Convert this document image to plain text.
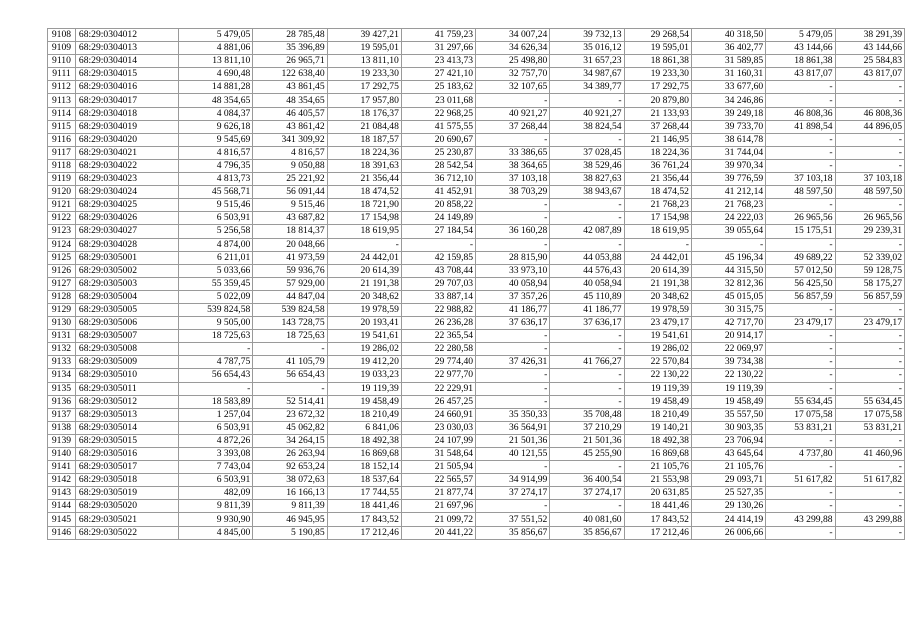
9108	68:29:0304012	5 479,05	28 785,48	39 427,21	41 759,23	34 007,24	39 732,13	29 268,54	40 318,50	5 479,05	38 291,39
9109	68:29:0304013	4 881,06	35 396,89	19 595,01	31 297,66	34 626,34	35 016,12	19 595,01	36 402,77	43 144,66	43 144,66
9110	68:29:0304014	13 811,10	26 965,71	13 811,10	23 413,73	25 498,80	31 657,23	18 861,38	31 589,85	18 861,38	25 584,83
9111	68:29:0304015	4 690,48	122 638,40	19 233,30	27 421,10	32 757,70	34 987,67	19 233,30	31 160,31	43 817,07	43 817,07
9112	68:29:0304016	14 881,28	43 861,45	17 292,75	25 183,62	32 107,65	34 389,77	17 292,75	33 677,60	-	-
9113	68:29:0304017	48 354,65	48 354,65	17 957,80	23 011,68	-	-	20 879,80	34 246,86	-	-
9114	68:29:0304018	4 084,37	46 405,57	18 176,37	22 968,25	40 921,27	40 921,27	21 133,93	39 249,18	46 808,36	46 808,36
9115	68:29:0304019	9 626,18	43 861,42	21 084,48	41 575,55	37 268,44	38 824,54	37 268,44	39 733,70	41 898,54	44 896,05
9116	68:29:0304020	9 545,69	341 309,92	18 187,57	20 690,67	-	-	21 146,95	38 614,78	-	-
9117	68:29:0304021	4 816,57	4 816,57	18 224,36	25 230,87	33 386,65	37 028,45	18 224,36	31 744,04	-	-
9118	68:29:0304022	4 796,35	9 050,88	18 391,63	28 542,54	38 364,65	38 529,46	36 761,24	39 970,34	-	-
9119	68:29:0304023	4 813,73	25 221,92	21 356,44	36 712,10	37 103,18	38 827,63	21 356,44	39 776,59	37 103,18	37 103,18
9120	68:29:0304024	45 568,71	56 091,44	18 474,52	41 452,91	38 703,29	38 943,67	18 474,52	41 212,14	48 597,50	48 597,50
9121	68:29:0304025	9 515,46	9 515,46	18 721,90	20 858,22	-	-	21 768,23	21 768,23	-	-
9122	68:29:0304026	6 503,91	43 687,82	17 154,98	24 149,89	-	-	17 154,98	24 222,03	26 965,56	26 965,56
9123	68:29:0304027	5 256,58	18 814,37	18 619,95	27 184,54	36 160,28	42 087,89	18 619,95	39 055,64	15 175,51	29 239,31
9124	68:29:0304028	4 874,00	20 048,66	-	-	-	-	-	-	-	-
9125	68:29:0305001	6 211,01	41 973,59	24 442,01	42 159,85	28 815,90	44 053,88	24 442,01	45 196,34	49 689,22	52 339,02
9126	68:29:0305002	5 033,66	59 936,76	20 614,39	43 708,44	33 973,10	44 576,43	20 614,39	44 315,50	57 012,50	59 128,75
9127	68:29:0305003	55 359,45	57 929,00	21 191,38	29 707,03	40 058,94	40 058,94	21 191,38	32 812,36	56 425,50	58 175,27
9128	68:29:0305004	5 022,09	44 847,04	20 348,62	33 887,14	37 357,26	45 110,89	20 348,62	45 015,05	56 857,59	56 857,59
9129	68:29:0305005	539 824,58	539 824,58	19 978,59	22 988,82	41 186,77	41 186,77	19 978,59	30 315,75	-	-
9130	68:29:0305006	9 505,00	143 728,75	20 193,41	26 236,28	37 636,17	37 636,17	23 479,17	42 717,70	23 479,17	23 479,17
9131	68:29:0305007	18 725,63	18 725,63	19 541,61	22 365,54	-	-	19 541,61	20 914,17	-	-
9132	68:29:0305008	-	-	19 286,02	22 280,58	-	-	19 286,02	22 069,97	-	-
9133	68:29:0305009	4 787,75	41 105,79	19 412,20	29 774,40	37 426,31	41 766,27	22 570,84	39 734,38	-	-
9134	68:29:0305010	56 654,43	56 654,43	19 033,23	22 977,70	-	-	22 130,22	22 130,22	-	-
9135	68:29:0305011	-	-	19 119,39	22 229,91	-	-	19 119,39	19 119,39	-	-
9136	68:29:0305012	18 583,89	52 514,41	19 458,49	26 457,25	-	-	19 458,49	19 458,49	55 634,45	55 634,45
9137	68:29:0305013	1 257,04	23 672,32	18 210,49	24 660,91	35 350,33	35 708,48	18 210,49	35 557,50	17 075,58	17 075,58
9138	68:29:0305014	6 503,91	45 062,82	6 841,06	23 030,03	36 564,91	37 210,29	19 140,21	30 903,35	53 831,21	53 831,21
9139	68:29:0305015	4 872,26	34 264,15	18 492,38	24 107,99	21 501,36	21 501,36	18 492,38	23 706,94	-	-
9140	68:29:0305016	3 393,08	26 263,94	16 869,68	31 548,64	40 121,55	45 255,90	16 869,68	43 645,64	4 737,80	41 460,96
9141	68:29:0305017	7 743,04	92 653,24	18 152,14	21 505,94	-	-	21 105,76	21 105,76	-	-
9142	68:29:0305018	6 503,91	38 072,63	18 537,64	22 565,57	34 914,99	36 400,54	21 553,98	29 093,71	51 617,82	51 617,82
9143	68:29:0305019	482,09	16 166,13	17 744,55	21 877,74	37 274,17	37 274,17	20 631,85	25 527,35	-	-
9144	68:29:0305020	9 811,39	9 811,39	18 441,46	21 697,96	-	-	18 441,46	29 130,26	-	-
9145	68:29:0305021	9 930,90	46 945,95	17 843,52	21 099,72	37 551,52	40 081,60	17 843,52	24 414,19	43 299,88	43 299,88
9146	68:29:0305022	4 845,00	5 190,85	17 212,46	20 441,22	35 856,67	35 856,67	17 212,46	26 006,66	-	-
